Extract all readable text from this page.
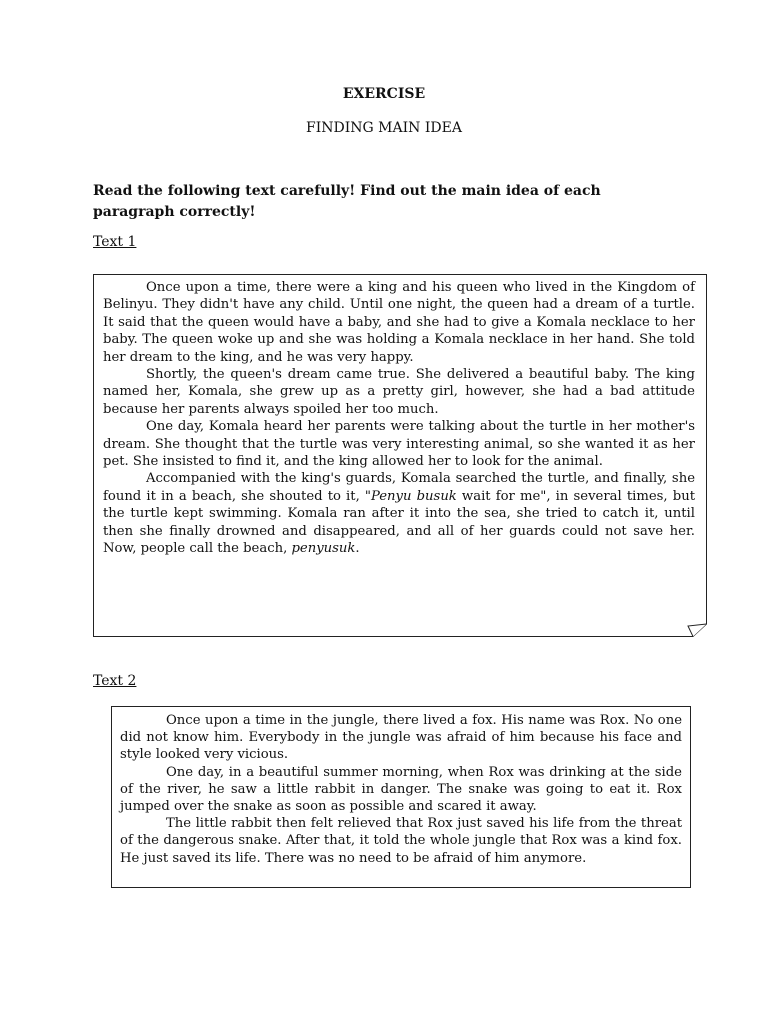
EXERCISE
FINDING MAIN IDEA
Read the following text carefully! Find out the main idea of each paragraph correctly!
Text 1

Once upon a time, there were a king and his queen who lived in the Kingdom of Belinyu. They didn't have any child. Until one night, the queen had a dream of a turtle. It said that the queen would have a baby, and she had to give a Komala necklace to her baby. The queen woke up and she was holding a Komala necklace in her hand. She told her dream to the king, and he was very happy.

Shortly, the queen's dream came true. She delivered a beautiful baby. The king named her, Komala, she grew up as a pretty girl, however, she had a bad attitude because her parents always spoiled her too much.

One day, Komala heard her parents were talking about the turtle in her mother's dream. She thought that the turtle was very interesting animal, so she wanted it as her pet. She insisted to find it, and the king allowed her to look for the animal.

Accompanied with the king's guards, Komala searched the turtle, and finally, she found it in a beach, she shouted to it, "Penyu busuk wait for me", in several times, but the turtle kept swimming. Komala ran after it into the sea, she tried to catch it, until then she finally drowned and disappeared, and all of her guards could not save her. Now, people call the beach, penyusuk.

Text 2

Once upon a time in the jungle, there lived a fox. His name was Rox. No one did not know him. Everybody in the jungle was afraid of him because his face and style looked very vicious.

One day, in a beautiful summer morning, when Rox was drinking at the side of the river, he saw a little rabbit in danger. The snake was going to eat it. Rox jumped over the snake as soon as possible and scared it away.

The little rabbit then felt relieved that Rox just saved his life from the threat of the dangerous snake. After that, it told the whole jungle that Rox was a kind fox. He just saved its life. There was no need to be afraid of him anymore.
